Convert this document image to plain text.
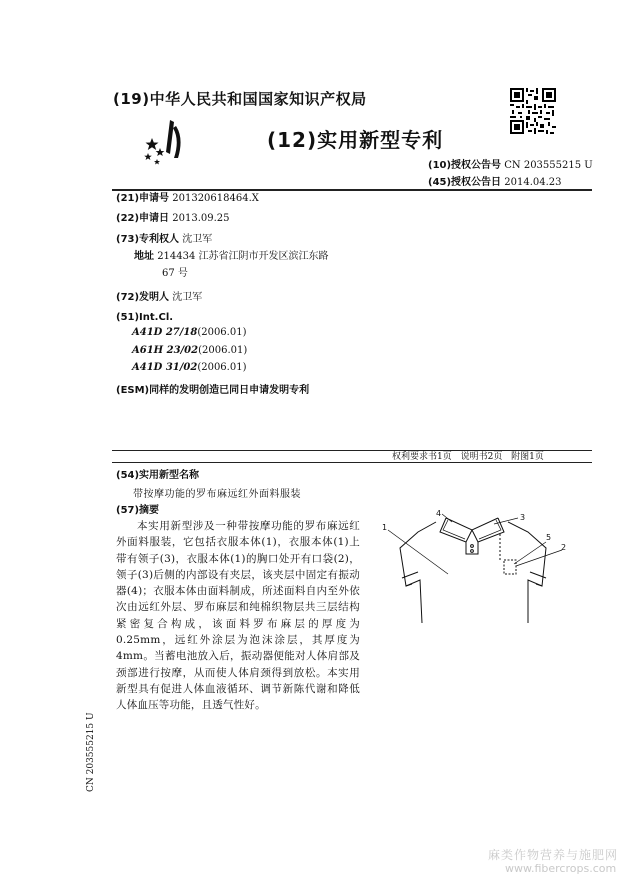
(19)中华人民共和国国家知识产权局
(12)实用新型专利
(10)授权公告号 CN 203555215 U
(45)授权公告日 2014.04.23
(21)申请号 201320618464.X
(22)申请日 2013.09.25
(73)专利权人 沈卫军
地址 214434 江苏省江阴市开发区滨江东路
67 号
(72)发明人 沈卫军
(51)Int.Cl.
A41D 27/18(2006.01)
A61H 23/02(2006.01)
A41D 31/02(2006.01)
(ESM)同样的发明创造已同日申请发明专利
权利要求书1页 说明书2页 附图1页
(54)实用新型名称
带按摩功能的罗布麻远红外面料服装
(57)摘要
本实用新型涉及一种带按摩功能的罗布麻远红外面料服装，它包括衣服本体(1)，衣服本体(1)上带有领子(3)，衣服本体(1)的胸口处开有口袋(2)，领子(3)后侧的内部设有夹层，该夹层中固定有振动器(4)；衣服本体由面料制成，所述面料自内至外依次由远红外层、罗布麻层和纯棉织物层共三层结构紧密复合构成，该面料罗布麻层的厚度为0.25mm，远红外涂层为泡沫涂层，其厚度为4mm。当蓄电池放入后，振动器便能对人体肩部及颈部进行按摩，从而使人体肩颈得到放松。本实用新型具有促进人体血液循环、调节新陈代谢和降低人体血压等功能，且透气性好。
1
2
3
4
5
CN 203555215 U
麻类作物营养与施肥网
www.fibercrops.com
